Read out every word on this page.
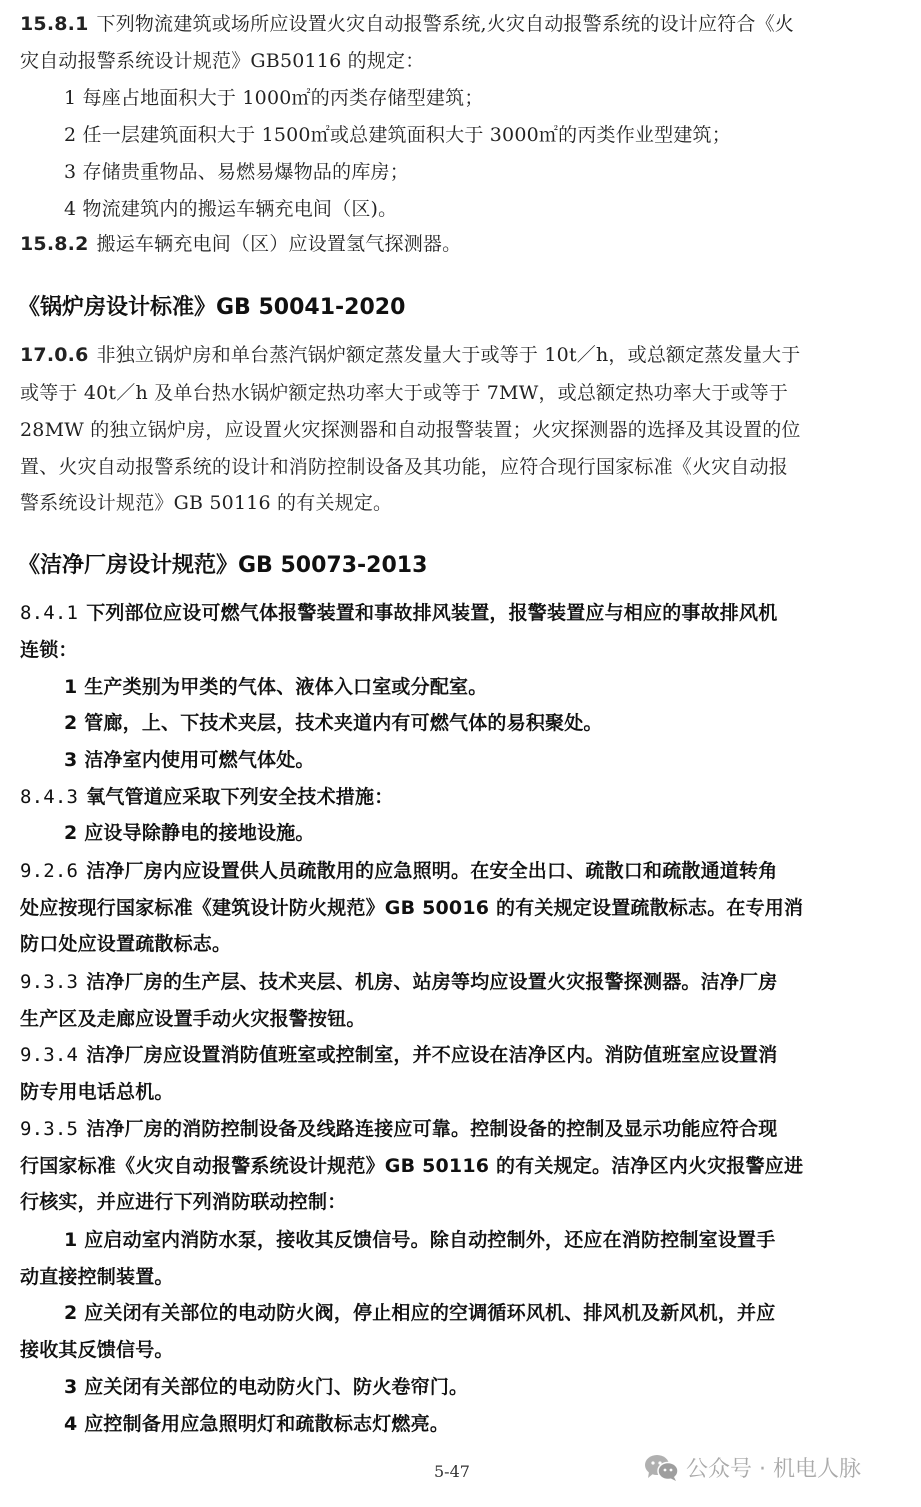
15.8.1 下列物流建筑或场所应设置火灾自动报警系统,火灾自动报警系统的设计应符合《火
灾自动报警系统设计规范》GB50116 的规定：
1 每座占地面积大于 1000㎡的丙类存储型建筑；
2 任一层建筑面积大于 1500㎡或总建筑面积大于 3000㎡的丙类作业型建筑；
3 存储贵重物品、易燃易爆物品的库房；
4 物流建筑内的搬运车辆充电间（区)。
15.8.2 搬运车辆充电间（区）应设置氢气探测器。
《锅炉房设计标准》GB 50041-2020
17.0.6 非独立锅炉房和单台蒸汽锅炉额定蒸发量大于或等于 10t／h，或总额定蒸发量大于
或等于 40t／h 及单台热水锅炉额定热功率大于或等于 7MW，或总额定热功率大于或等于
28MW 的独立锅炉房，应设置火灾探测器和自动报警装置；火灾探测器的选择及其设置的位
置、火灾自动报警系统的设计和消防控制设备及其功能，应符合现行国家标准《火灾自动报
警系统设计规范》GB 50116 的有关规定。
《洁净厂房设计规范》GB 50073-2013
8.4.1 下列部位应设可燃气体报警装置和事故排风装置，报警装置应与相应的事故排风机
连锁：
1 生产类别为甲类的气体、液体入口室或分配室。
2 管廊，上、下技术夹层，技术夹道内有可燃气体的易积聚处。
3 洁净室内使用可燃气体处。
8.4.3 氧气管道应采取下列安全技术措施：
2 应设导除静电的接地设施。
9.2.6 洁净厂房内应设置供人员疏散用的应急照明。在安全出口、疏散口和疏散通道转角
处应按现行国家标准《建筑设计防火规范》GB 50016 的有关规定设置疏散标志。在专用消
防口处应设置疏散标志。
9.3.3 洁净厂房的生产层、技术夹层、机房、站房等均应设置火灾报警探测器。洁净厂房
生产区及走廊应设置手动火灾报警按钮。
9.3.4 洁净厂房应设置消防值班室或控制室，并不应设在洁净区内。消防值班室应设置消
防专用电话总机。
9.3.5 洁净厂房的消防控制设备及线路连接应可靠。控制设备的控制及显示功能应符合现
行国家标准《火灾自动报警系统设计规范》GB 50116 的有关规定。洁净区内火灾报警应进
行核实，并应进行下列消防联动控制：
1 应启动室内消防水泵，接收其反馈信号。除自动控制外，还应在消防控制室设置手
动直接控制装置。
2 应关闭有关部位的电动防火阀，停止相应的空调循环风机、排风机及新风机，并应
接收其反馈信号。
3 应关闭有关部位的电动防火门、防火卷帘门。
4 应控制备用应急照明灯和疏散标志灯燃亮。
5-47	公众号 · 机电人脉
